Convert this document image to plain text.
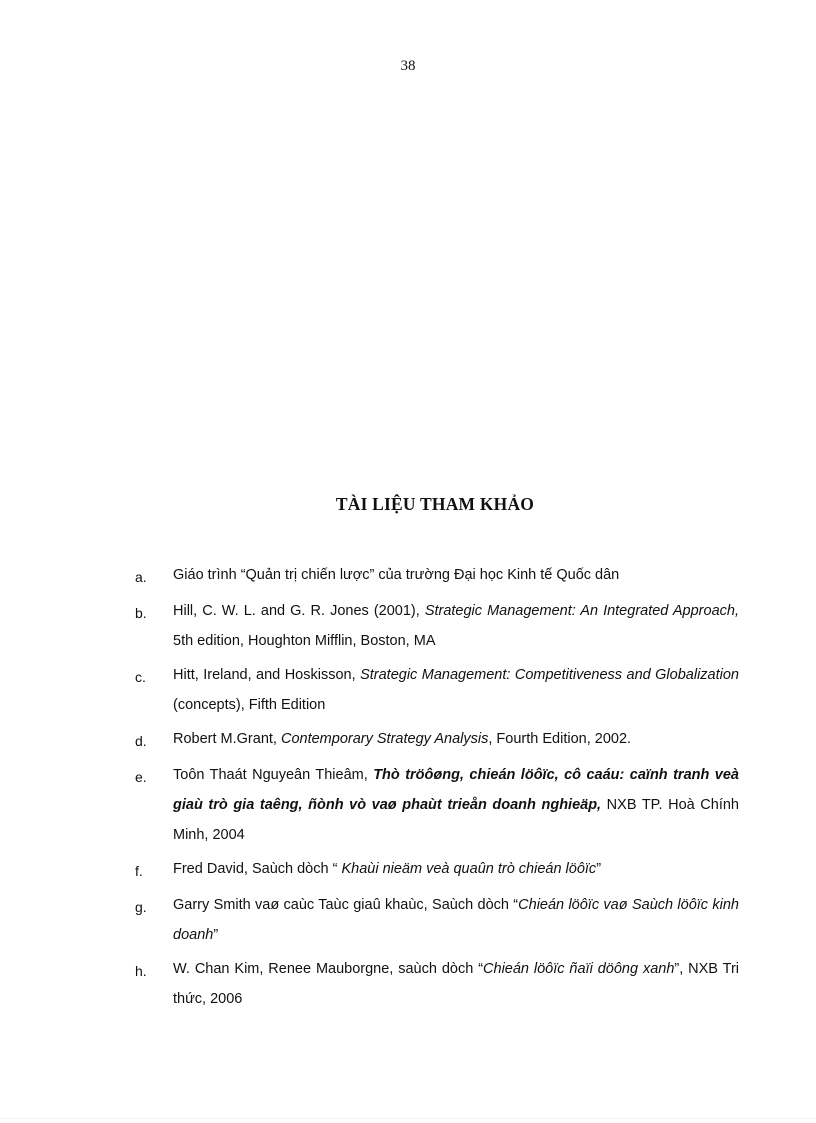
38
TÀI LIỆU THAM KHẢO
a.	Giáo trình “Quản trị chiến lược” của trường Đại học Kinh tế Quốc dân
b.	Hill, C. W. L. and G. R. Jones (2001), Strategic Management: An Integrated Approach, 5th edition, Houghton Mifflin, Boston, MA
c.	Hitt, Ireland, and Hoskisson, Strategic Management: Competitiveness and Globalization (concepts), Fifth Edition
d.	Robert M.Grant, Contemporary Strategy Analysis, Fourth Edition, 2002.
e.	Toôn Thaát Nguyeân Thieâm, Thò tröôøng, chieán löôïc, cô caáu: caïnh tranh veà giaù trò gia taêng, ñònh vò vaø phaùt trieån doanh nghieäp, NXB TP. Hoà Chính Minh, 2004
f.	Fred David, Saùch dòch “ Khaùi nieäm veà quaûn trò chieán löôïc”
g.	Garry Smith vaø caùc Taùc giaû khaùc, Saùch dòch “Chieán löôïc vaø Saùch löôïc kinh doanh”
h.	W. Chan Kim, Renee Mauborgne, saùch dòch “Chieán löôïc ñaïi döông xanh”, NXB Tri thức, 2006
